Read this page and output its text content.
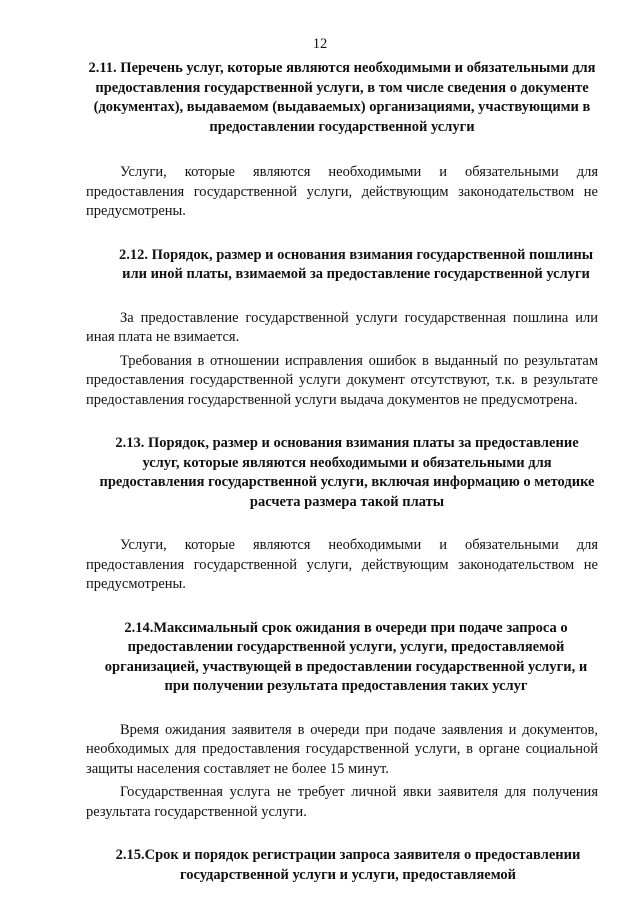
12

2.11. Перечень услуг, которые являются необходимыми и обязательными для предоставления государственной услуги, в том числе сведения о документе (документах), выдаваемом (выдаваемых) организациями, участвующими в предоставлении государственной услуги

Услуги, которые являются необходимыми и обязательными для предоставления государственной услуги, действующим законодательством не предусмотрены.

2.12. Порядок, размер и основания взимания государственной пошлины или иной платы, взимаемой за предоставление государственной услуги

За предоставление государственной услуги государственная пошлина или иная плата не взимается.

Требования в отношении исправления ошибок в выданный по результатам предоставления государственной услуги документ отсутствуют, т.к. в результате предоставления государственной услуги выдача документов не предусмотрена.

2.13. Порядок, размер и основания взимания платы за предоставление услуг, которые являются необходимыми и обязательными для предоставления государственной услуги, включая информацию о методике расчета размера такой платы

Услуги, которые являются необходимыми и обязательными для предоставления государственной услуги, действующим законодательством не предусмотрены.

2.14.Максимальный срок ожидания в очереди при подаче запроса о предоставлении государственной услуги, услуги, предоставляемой организацией, участвующей в предоставлении государственной услуги, и при получении результата предоставления таких услуг

Время ожидания заявителя в очереди при подаче заявления и документов, необходимых для предоставления государственной услуги, в органе социальной защиты населения составляет не более 15 минут.

Государственная услуга не требует личной явки заявителя для получения результата государственной услуги.

2.15.Срок и порядок регистрации запроса заявителя о предоставлении государственной услуги и услуги, предоставляемой
